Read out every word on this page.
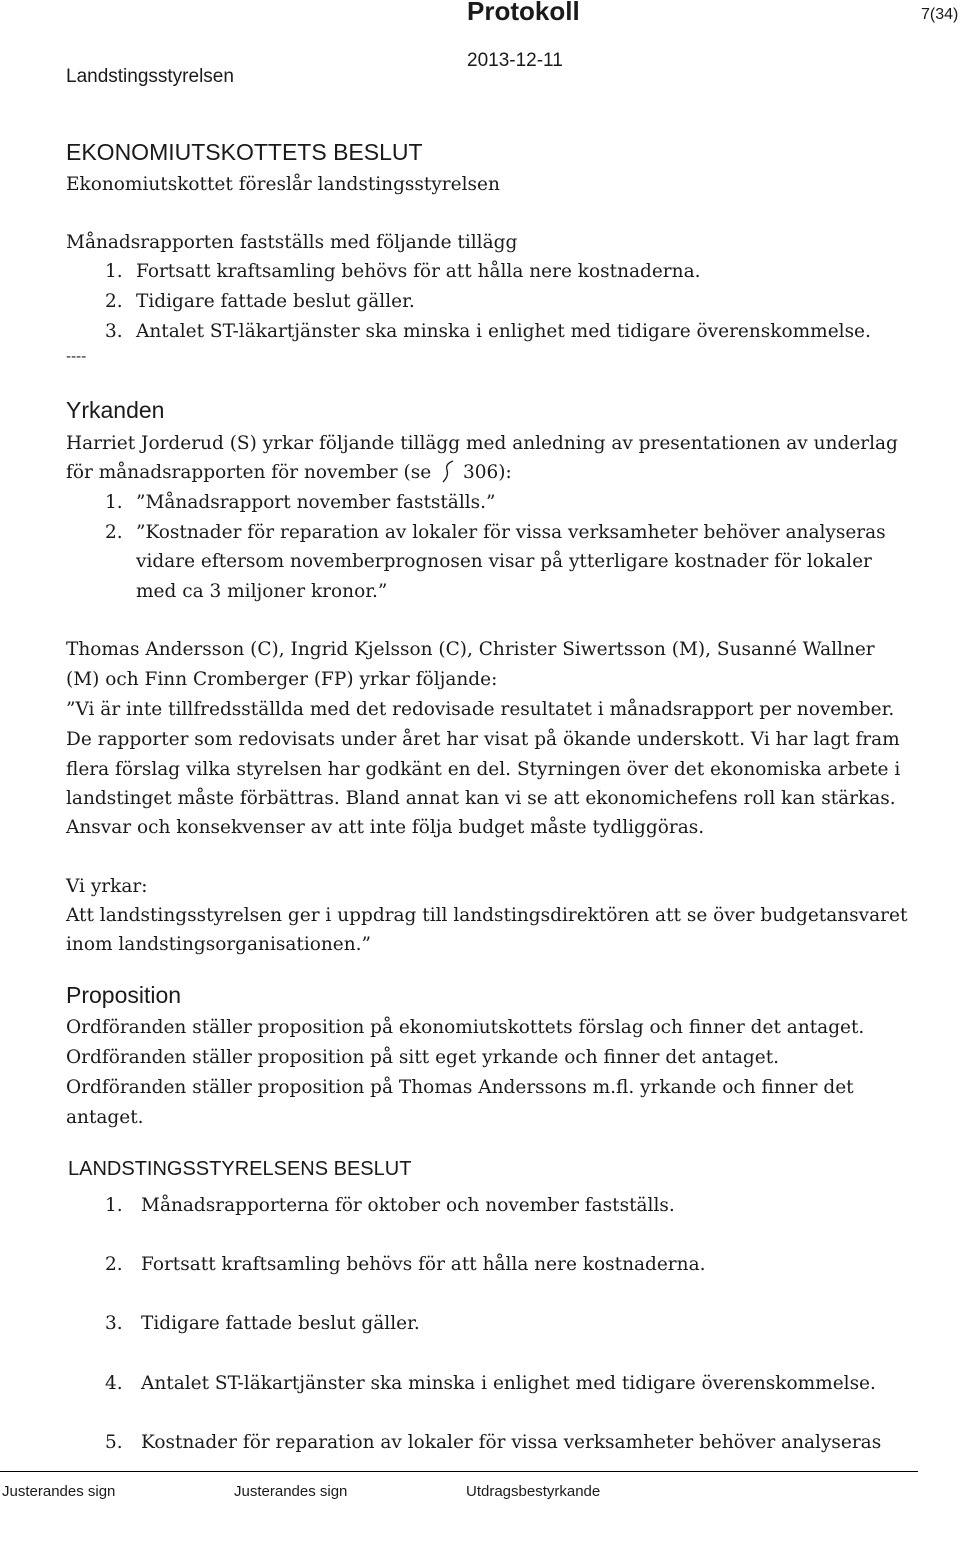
Protokoll	7(34)
Landstingsstyrelsen
2013-12-11
EKONOMIUTSKOTTETS BESLUT
Ekonomiutskottet föreslår landstingsstyrelsen
Månadsrapporten fastställs med följande tillägg
1. Fortsatt kraftsamling behövs för att hålla nere kostnaderna.
2. Tidigare fattade beslut gäller.
3. Antalet ST-läkartjänster ska minska i enlighet med tidigare överenskommelse.
----
Yrkanden
Harriet Jorderud (S) yrkar följande tillägg med anledning av presentationen av underlag
för månadsrapporten för november (se 306):
1. ”Månadsrapport november fastställs.”
2. ”Kostnader för reparation av lokaler för vissa verksamheter behöver analyseras
vidare eftersom novemberprognosen visar på ytterligare kostnader för lokaler
med ca 3 miljoner kronor.”
Thomas Andersson (C), Ingrid Kjelsson (C), Christer Siwertsson (M), Susanné Wallner
(M) och Finn Cromberger (FP) yrkar följande:
”Vi är inte tillfredsställda med det redovisade resultatet i månadsrapport per november.
De rapporter som redovisats under året har visat på ökande underskott. Vi har lagt fram
flera förslag vilka styrelsen har godkänt en del. Styrningen över det ekonomiska arbete i
landstinget måste förbättras. Bland annat kan vi se att ekonomichefens roll kan stärkas.
Ansvar och konsekvenser av att inte följa budget måste tydliggöras.
Vi yrkar:
Att landstingsstyrelsen ger i uppdrag till landstingsdirektören att se över budgetansvaret
inom landstingsorganisationen.”
Proposition
Ordföranden ställer proposition på ekonomiutskottets förslag och finner det antaget.
Ordföranden ställer proposition på sitt eget yrkande och finner det antaget.
Ordföranden ställer proposition på Thomas Anderssons m.fl. yrkande och finner det
antaget.
LANDSTINGSSTYRELSENS BESLUT
1. Månadsrapporterna för oktober och november fastställs.
2. Fortsatt kraftsamling behövs för att hålla nere kostnaderna.
3. Tidigare fattade beslut gäller.
4. Antalet ST-läkartjänster ska minska i enlighet med tidigare överenskommelse.
5. Kostnader för reparation av lokaler för vissa verksamheter behöver analyseras
Justerandes sign	Justerandes sign	Utdragsbestyrkande
